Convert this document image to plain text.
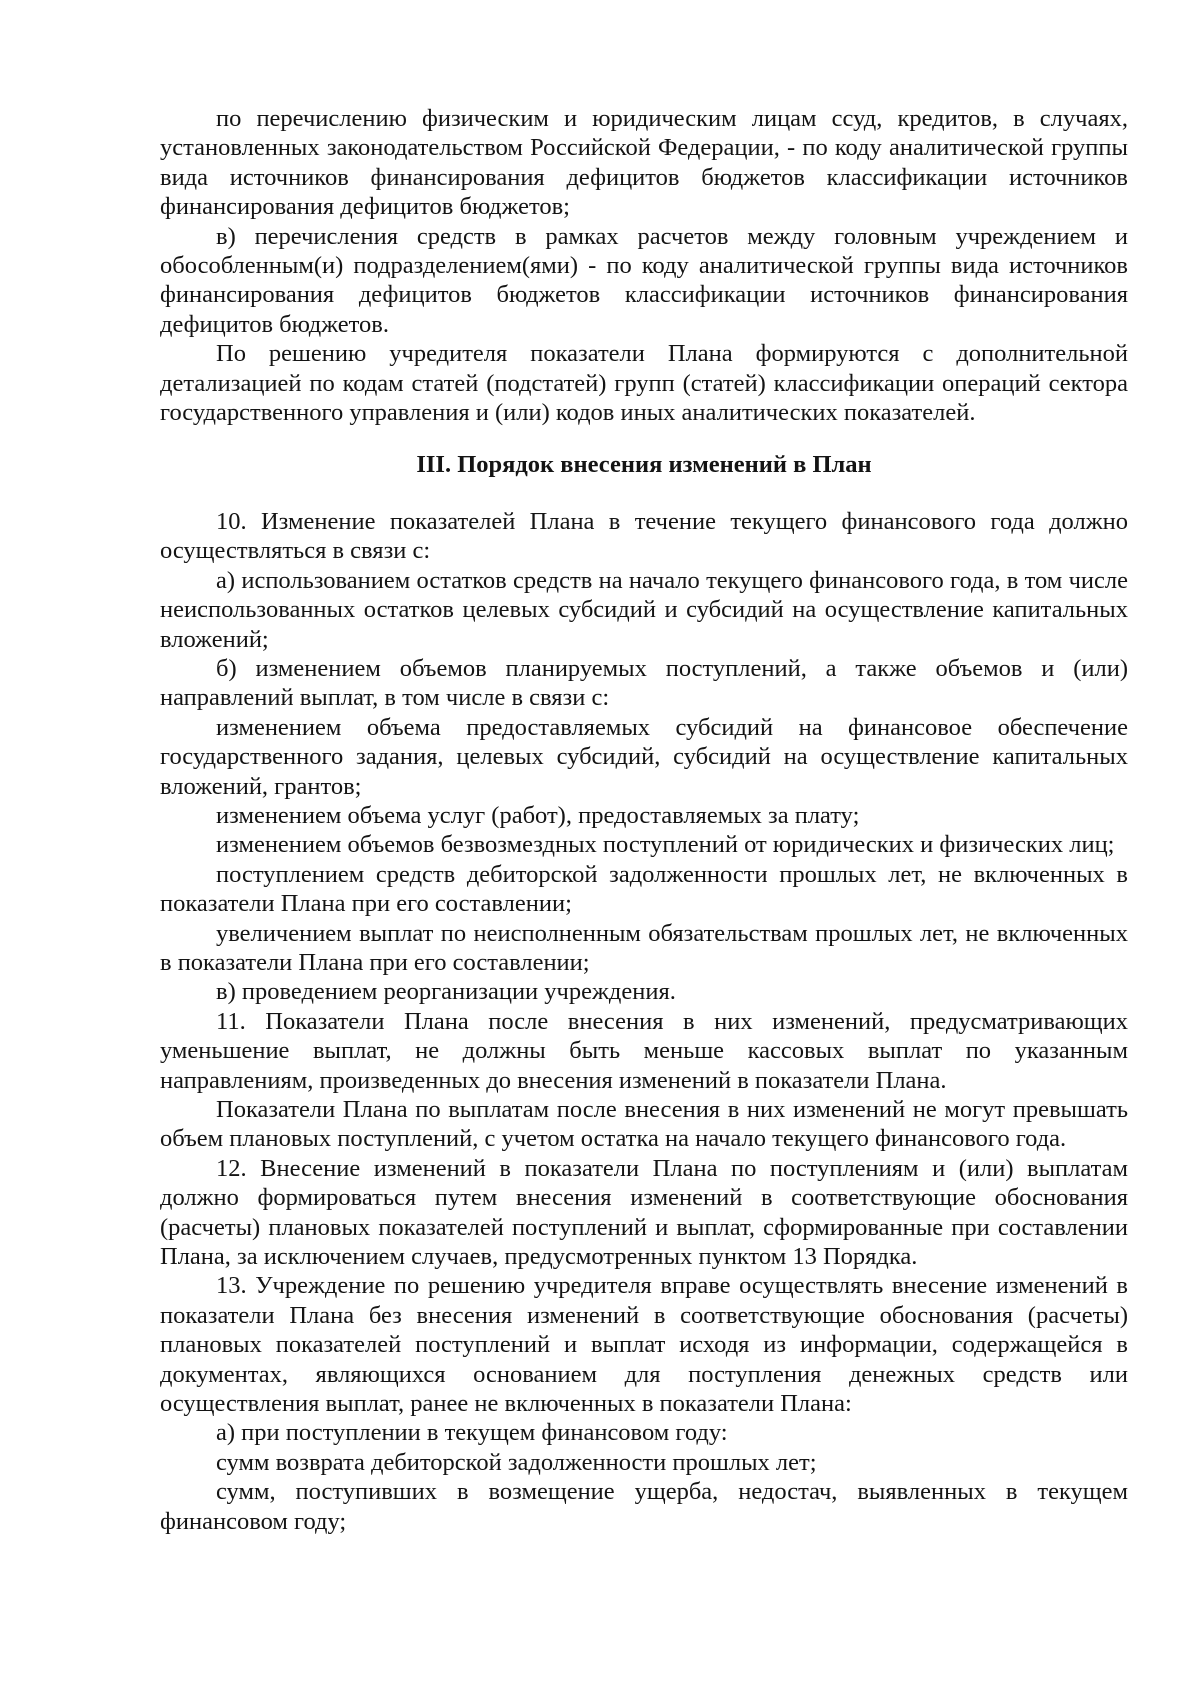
по перечислению физическим и юридическим лицам ссуд, кредитов, в случаях, установленных законодательством Российской Федерации, - по коду аналитической группы вида источников финансирования дефицитов бюджетов классификации источников финансирования дефицитов бюджетов;

в) перечисления средств в рамках расчетов между головным учреждением и обособленным(и) подразделением(ями) - по коду аналитической группы вида источников финансирования дефицитов бюджетов классификации источников финансирования дефицитов бюджетов.

По решению учредителя показатели Плана формируются с дополнительной детализацией по кодам статей (подстатей) групп (статей) классификации операций сектора государственного управления и (или) кодов иных аналитических показателей.

III. Порядок внесения изменений в План

10. Изменение показателей Плана в течение текущего финансового года должно осуществляться в связи с:

а) использованием остатков средств на начало текущего финансового года, в том числе неиспользованных остатков целевых субсидий и субсидий на осуществление капитальных вложений;

б) изменением объемов планируемых поступлений, а также объемов и (или) направлений выплат, в том числе в связи с:

изменением объема предоставляемых субсидий на финансовое обеспечение государственного задания, целевых субсидий, субсидий на осуществление капитальных вложений, грантов;

изменением объема услуг (работ), предоставляемых за плату;

изменением объемов безвозмездных поступлений от юридических и физических лиц;

поступлением средств дебиторской задолженности прошлых лет, не включенных в показатели Плана при его составлении;

увеличением выплат по неисполненным обязательствам прошлых лет, не включенных в показатели Плана при его составлении;

в) проведением реорганизации учреждения.

11. Показатели Плана после внесения в них изменений, предусматривающих уменьшение выплат, не должны быть меньше кассовых выплат по указанным направлениям, произведенных до внесения изменений в показатели Плана.

Показатели Плана по выплатам после внесения в них изменений не могут превышать объем плановых поступлений, с учетом остатка на начало текущего финансового года.

12. Внесение изменений в показатели Плана по поступлениям и (или) выплатам должно формироваться путем внесения изменений в соответствующие обоснования (расчеты) плановых показателей поступлений и выплат, сформированные при составлении Плана, за исключением случаев, предусмотренных пунктом 13 Порядка.

13. Учреждение по решению учредителя вправе осуществлять внесение изменений в показатели Плана без внесения изменений в соответствующие обоснования (расчеты) плановых показателей поступлений и выплат исходя из информации, содержащейся в документах, являющихся основанием для поступления денежных средств или осуществления выплат, ранее не включенных в показатели Плана:

а) при поступлении в текущем финансовом году:

сумм возврата дебиторской задолженности прошлых лет;

сумм, поступивших в возмещение ущерба, недостач, выявленных в текущем финансовом году;
